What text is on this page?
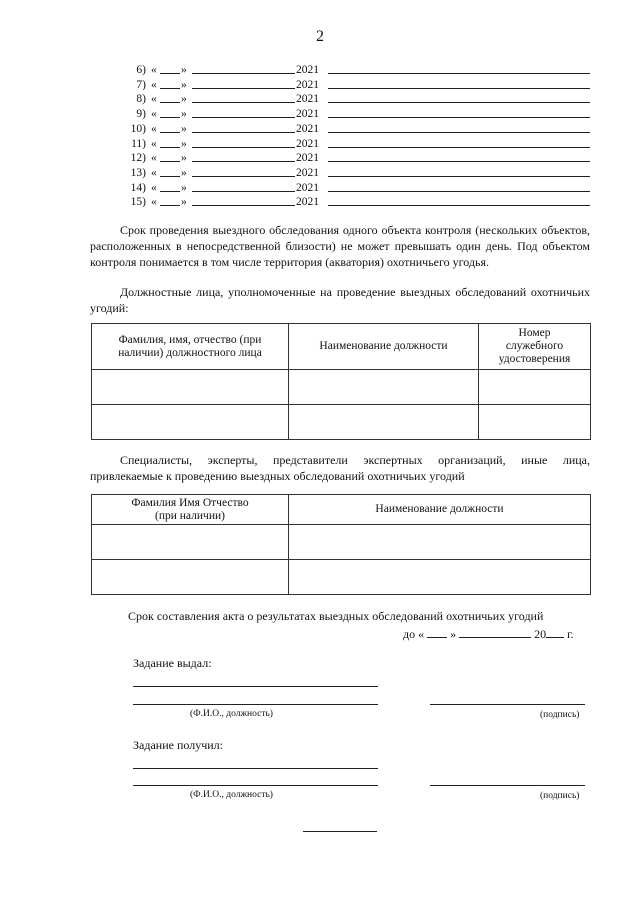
2
6) « »	2021
7) « »	2021
8) « »	2021
9) « »	2021
10) « »	2021
11) « »	2021
12) « »	2021
13) « »	2021
14) « »	2021
15) « »	2021
Срок проведения выездного обследования одного объекта контроля (нескольких объектов, расположенных в непосредственной близости) не может превышать один день. Под объектом контроля понимается в том числе территория (акватория) охотничьего угодья.
Должностные лица, уполномоченные на проведение выездных обследований охотничьих угодий:
Фамилия, имя, отчество (при наличии) должностного лица	Наименование должности	Номер служебного удостоверения

Специалисты, эксперты, представители экспертных организаций, иные лица, привлекаемые к проведению выездных обследований охотничьих угодий
Фамилия Имя Отчество (при наличии)	Наименование должности

Срок составления акта о результатах выездных обследований охотничьих угодий
до « »	20 г.
Задание выдал:
(Ф.И.О., должность)	(подпись)
Задание получил:
(Ф.И.О., должность)	(подпись)
